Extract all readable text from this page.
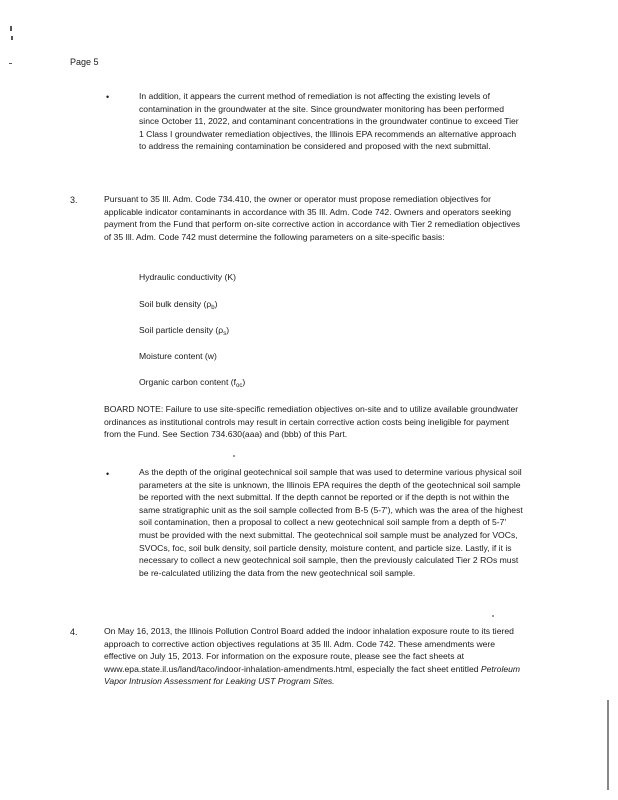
Page 5
•	In addition, it appears the current method of remediation is not affecting the existing levels of contamination in the groundwater at the site. Since groundwater monitoring has been performed since October 11, 2022, and contaminant concentrations in the groundwater continue to exceed Tier 1 Class I groundwater remediation objectives, the Illinois EPA recommends an alternative approach to address the remaining contamination be considered and proposed with the next submittal.

3.	Pursuant to 35 Ill. Adm. Code 734.410, the owner or operator must propose remediation objectives for applicable indicator contaminants in accordance with 35 Ill. Adm. Code 742. Owners and operators seeking payment from the Fund that perform on-site corrective action in accordance with Tier 2 remediation objectives of 35 Ill. Adm. Code 742 must determine the following parameters on a site-specific basis:

Hydraulic conductivity (K)
Soil bulk density $(\rho_b)$
Soil particle density $(\rho_s)$
Moisture content (w)
Organic carbon content $(f_{oc})$

BOARD NOTE: Failure to use site-specific remediation objectives on-site and to utilize available groundwater ordinances as institutional controls may result in certain corrective action costs being ineligible for payment from the Fund. See Section 734.630(aaa) and (bbb) of this Part.

•	As the depth of the original geotechnical soil sample that was used to determine various physical soil parameters at the site is unknown, the Illinois EPA requires the depth of the geotechnical soil sample be reported with the next submittal. If the depth cannot be reported or if the depth is not within the same stratigraphic unit as the soil sample collected from B-5 (5-7'), which was the area of the highest soil contamination, then a proposal to collect a new geotechnical soil sample from a depth of 5-7' must be provided with the next submittal. The geotechnical soil sample must be analyzed for VOCs, SVOCs, foc, soil bulk density, soil particle density, moisture content, and particle size. Lastly, if it is necessary to collect a new geotechnical soil sample, then the previously calculated Tier 2 ROs must be re-calculated utilizing the data from the new geotechnical soil sample.

4.	On May 16, 2013, the Illinois Pollution Control Board added the indoor inhalation exposure route to its tiered approach to corrective action objectives regulations at 35 Ill. Adm. Code 742. These amendments were effective on July 15, 2013. For information on the exposure route, please see the fact sheets at www.epa.state.il.us/land/taco/indoor-inhalation-amendments.html, especially the fact sheet entitled Petroleum Vapor Intrusion Assessment for Leaking UST Program Sites.
